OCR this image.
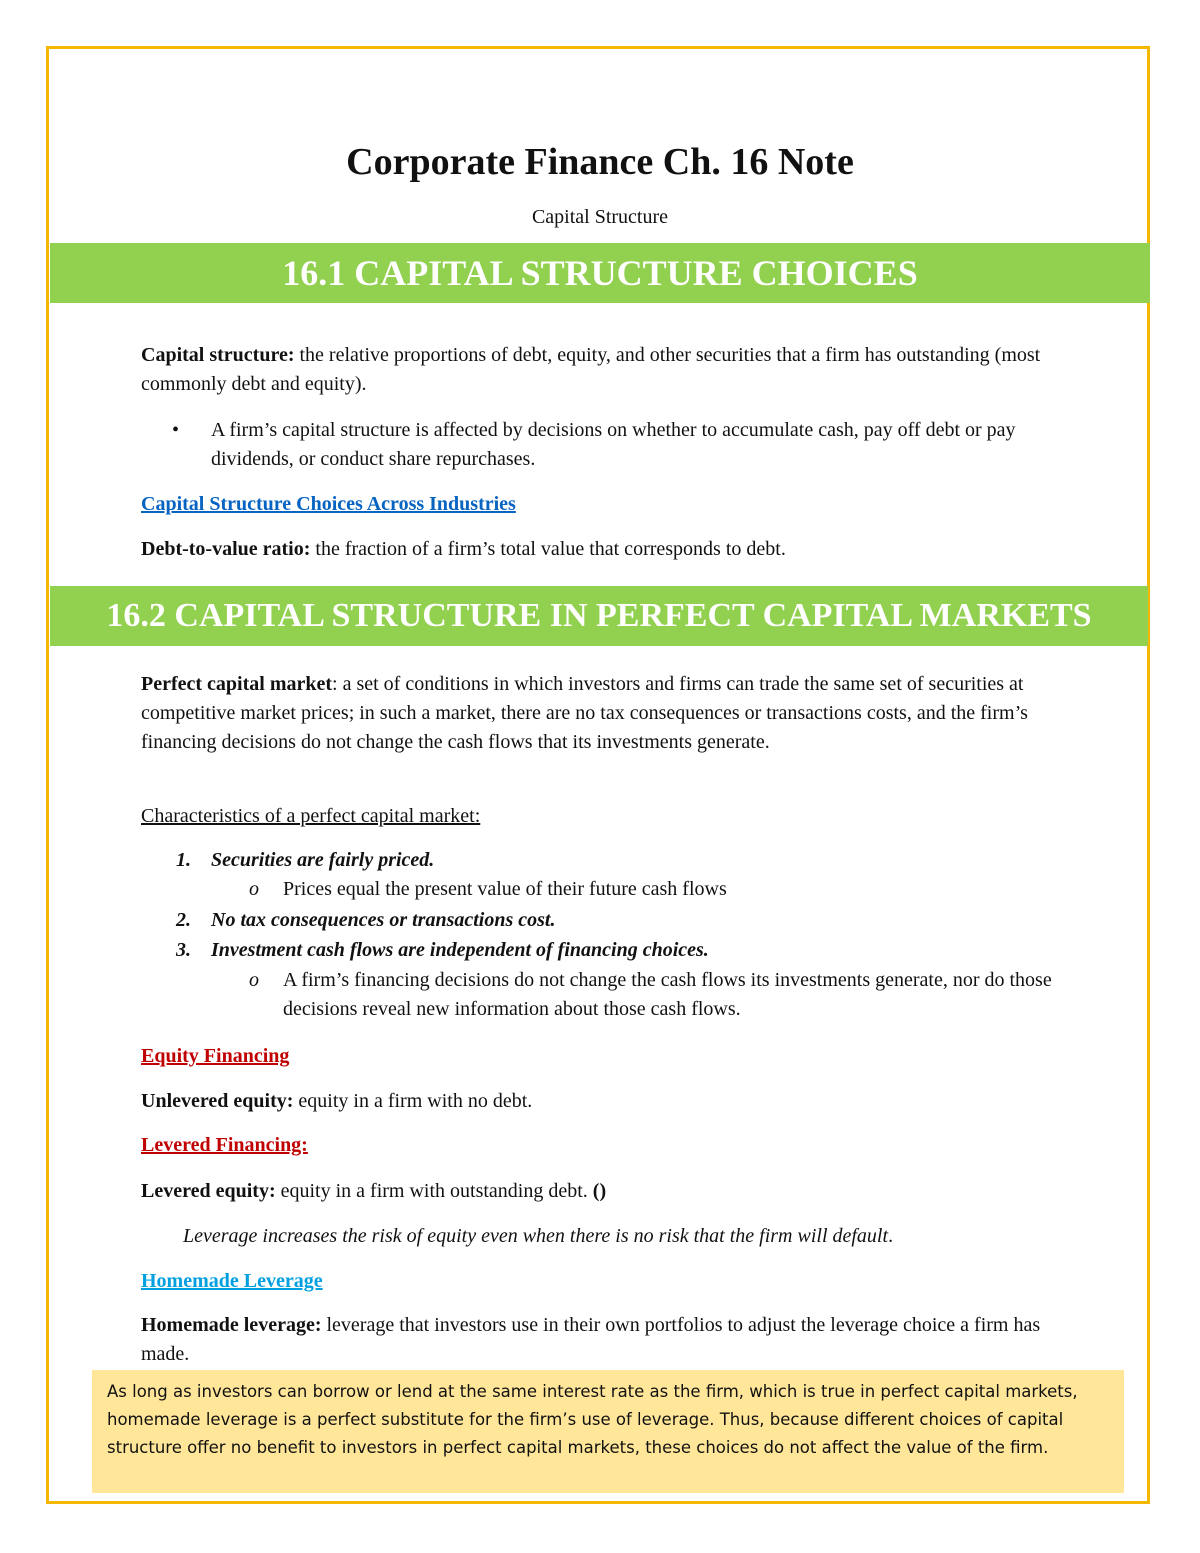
Corporate Finance Ch. 16 Note
Capital Structure
16.1 CAPITAL STRUCTURE CHOICES
Capital structure: the relative proportions of debt, equity, and other securities that a firm has outstanding (most commonly debt and equity).
• A firm’s capital structure is affected by decisions on whether to accumulate cash, pay off debt or pay dividends, or conduct share repurchases.
Capital Structure Choices Across Industries
Debt-to-value ratio: the fraction of a firm’s total value that corresponds to debt.
16.2 CAPITAL STRUCTURE IN PERFECT CAPITAL MARKETS
Perfect capital market: a set of conditions in which investors and firms can trade the same set of securities at competitive market prices; in such a market, there are no tax consequences or transactions costs, and the firm’s financing decisions do not change the cash flows that its investments generate.
Characteristics of a perfect capital market:
1. Securities are fairly priced.
o Prices equal the present value of their future cash flows
2. No tax consequences or transactions cost.
3. Investment cash flows are independent of financing choices.
o A firm’s financing decisions do not change the cash flows its investments generate, nor do those decisions reveal new information about those cash flows.
Equity Financing
Unlevered equity: equity in a firm with no debt.
Levered Financing:
Levered equity: equity in a firm with outstanding debt. ()
Leverage increases the risk of equity even when there is no risk that the firm will default.
Homemade Leverage
Homemade leverage: leverage that investors use in their own portfolios to adjust the leverage choice a firm has made.
As long as investors can borrow or lend at the same interest rate as the firm, which is true in perfect capital markets, homemade leverage is a perfect substitute for the firm’s use of leverage. Thus, because different choices of capital structure offer no benefit to investors in perfect capital markets, these choices do not affect the value of the firm.
